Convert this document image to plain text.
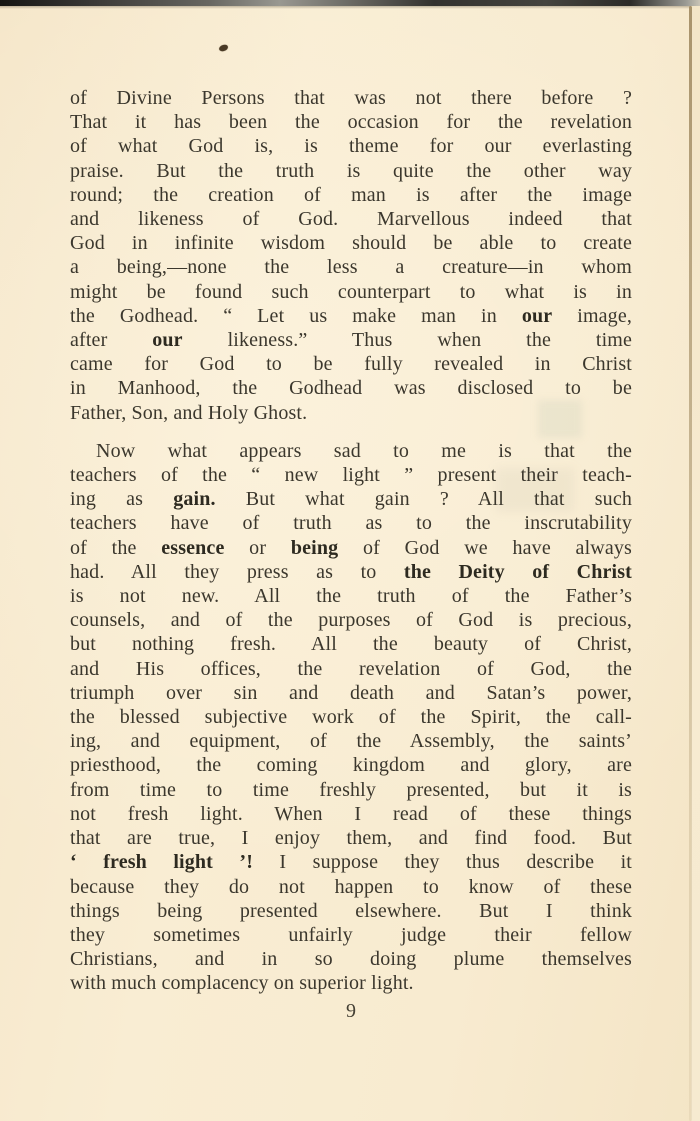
of Divine Persons that was not there before ?
That it has been the occasion for the revelation
of what God is, is theme for our everlasting
praise. But the truth is quite the other way
round; the creation of man is after the image
and likeness of God. Marvellous indeed that
God in infinite wisdom should be able to create
a being,—none the less a creature—in whom
might be found such counterpart to what is in
the Godhead. “ Let us make man in our image,
after our likeness.” Thus when the time
came for God to be fully revealed in Christ
in Manhood, the Godhead was disclosed to be
Father, Son, and Holy Ghost.
Now what appears sad to me is that the
teachers of the “ new light ” present their teach-
ing as gain. But what gain ? All that such
teachers have of truth as to the inscrutability
of the essence or being of God we have always
had. All they press as to the Deity of Christ
is not new. All the truth of the Father’s
counsels, and of the purposes of God is precious,
but nothing fresh. All the beauty of Christ,
and His offices, the revelation of God, the
triumph over sin and death and Satan’s power,
the blessed subjective work of the Spirit, the call-
ing, and equipment, of the Assembly, the saints’
priesthood, the coming kingdom and glory, are
from time to time freshly presented, but it is
not fresh light. When I read of these things
that are true, I enjoy them, and find food. But
‘ fresh light ’! I suppose they thus describe it
because they do not happen to know of these
things being presented elsewhere. But I think
they sometimes unfairly judge their fellow
Christians, and in so doing plume themselves
with much complacency on superior light.
9
